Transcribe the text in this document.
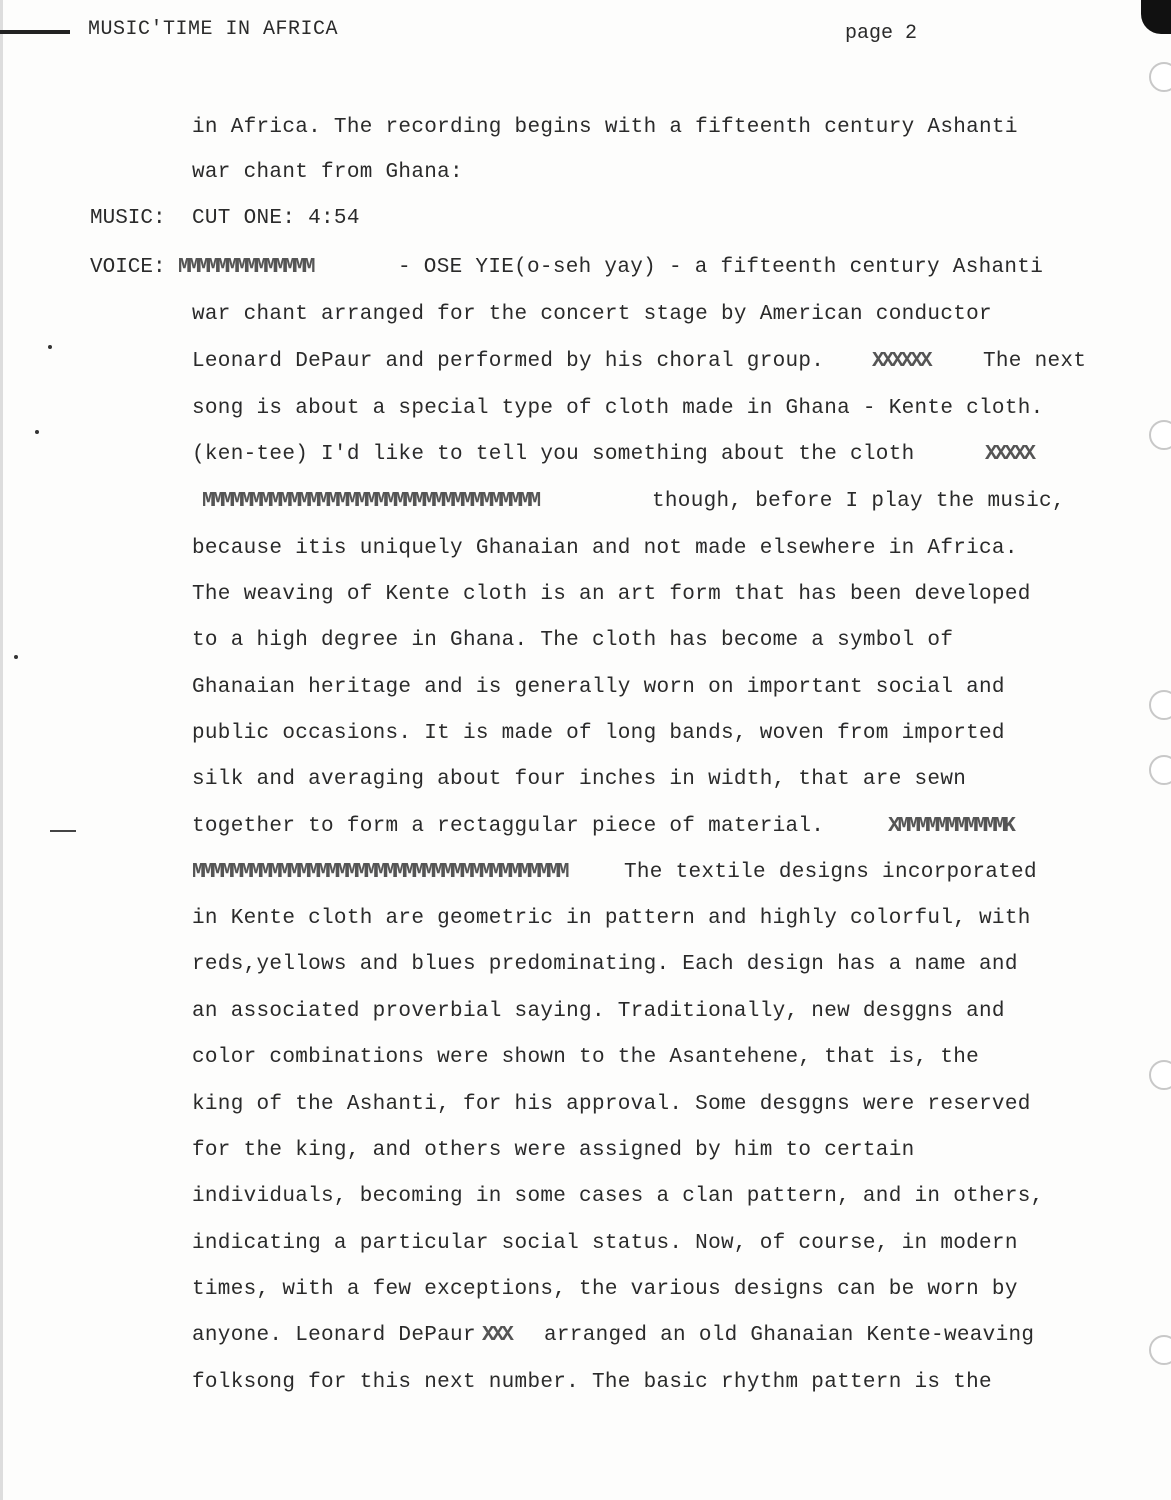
MUSIC'TIME IN AFRICA	page 2
in Africa. The recording begins with a fifteenth century Ashanti
war chant from Ghana:
MUSIC: CUT ONE: 4:54
VOICE: MMMMMMMMMMMMMM	- OSE YIE(o-seh yay) - a fifteenth century Ashanti
war chant arranged for the concert stage by American conductor
Leonard DePaur and performed by his choral group. XXXXXX	The next
song is about a special type of cloth made in Ghana - Kente cloth.
(ken-tee) I'd like to tell you something about the cloth	XXXXX
MMMMMMMMMMMMMMMMMMMMMMMMMMMMMMMMMMM	though, before I play the music,
because itis uniquely Ghanaian and not made elsewhere in Africa.
The weaving of Kente cloth is an art form that has been developed
to a high degree in Ghana. The cloth has become a symbol of
Ghanaian heritage and is generally worn on important social and
public occasions. It is made of long bands, woven from imported
silk and averaging about four inches in width, that are sewn
together to form a rectaggular piece of material.	XMMMMMMMMMMMK
MMMMMMMMMMMMMMMMMMMMMMMMMMMMMMMMMMMMMMM	The textile designs incorporated
in Kente cloth are geometric in pattern and highly colorful, with
reds,yellows and blues predominating. Each design has a name and
an associated proverbial saying. Traditionally, new desggns and
color combinations were shown to the Asantehene, that is, the
king of the Ashanti, for his approval. Some desggns were reserved
for the king, and others were assigned by him to certain
individuals, becoming in some cases a clan pattern, and in others,
indicating a particular social status. Now, of course, in modern
times, with a few exceptions, the various designs can be worn by
anyone. Leonard DePaur XXX arranged an old Ghanaian Kente-weaving
folksong for this next number. The basic rhythm pattern is the
